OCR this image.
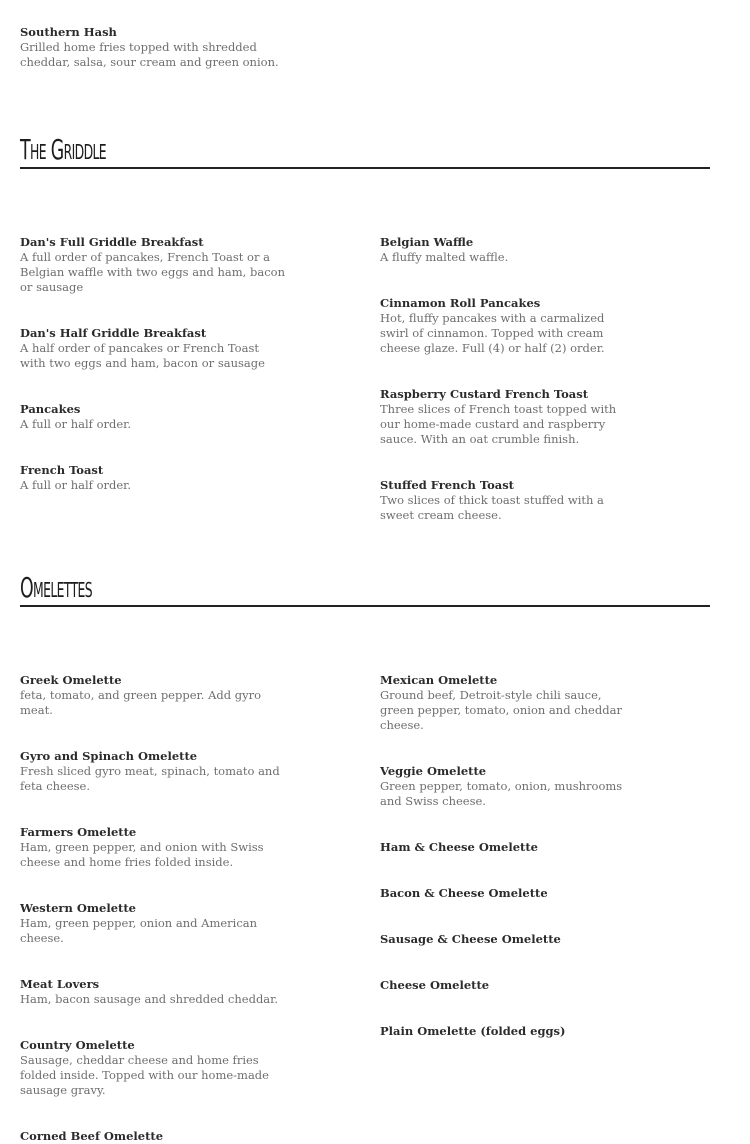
Southern Hash
Grilled home fries topped with shredded cheddar, salsa, sour cream and green onion.
The Griddle
Dan's Full Griddle Breakfast
A full order of pancakes, French Toast or a Belgian waffle with two eggs and ham, bacon or sausage
Dan's Half Griddle Breakfast
A half order of pancakes or French Toast with two eggs and ham, bacon or sausage
Pancakes
A full or half order.
French Toast
A full or half order.
Belgian Waffle
A fluffy malted waffle.
Cinnamon Roll Pancakes
Hot, fluffy pancakes with a carmalized swirl of cinnamon. Topped with cream cheese glaze. Full (4) or half (2) order.
Raspberry Custard French Toast
Three slices of French toast topped with our home-made custard and raspberry sauce. With an oat crumble finish.
Stuffed French Toast
Two slices of thick toast stuffed with a sweet cream cheese.
Omelettes
Greek Omelette
feta, tomato, and green pepper. Add gyro meat.
Gyro and Spinach Omelette
Fresh sliced gyro meat, spinach, tomato and feta cheese.
Farmers Omelette
Ham, green pepper, and onion with Swiss cheese and home fries folded inside.
Western Omelette
Ham, green pepper, onion and American cheese.
Meat Lovers
Ham, bacon sausage and shredded cheddar.
Country Omelette
Sausage, cheddar cheese and home fries folded inside. Topped with our home-made sausage gravy.
Corned Beef Omelette
Mexican Omelette
Ground beef, Detroit-style chili sauce, green pepper, tomato, onion and cheddar cheese.
Veggie Omelette
Green pepper, tomato, onion, mushrooms and Swiss cheese.
Ham & Cheese Omelette
Bacon & Cheese Omelette
Sausage & Cheese Omelette
Cheese Omelette
Plain Omelette (folded eggs)
